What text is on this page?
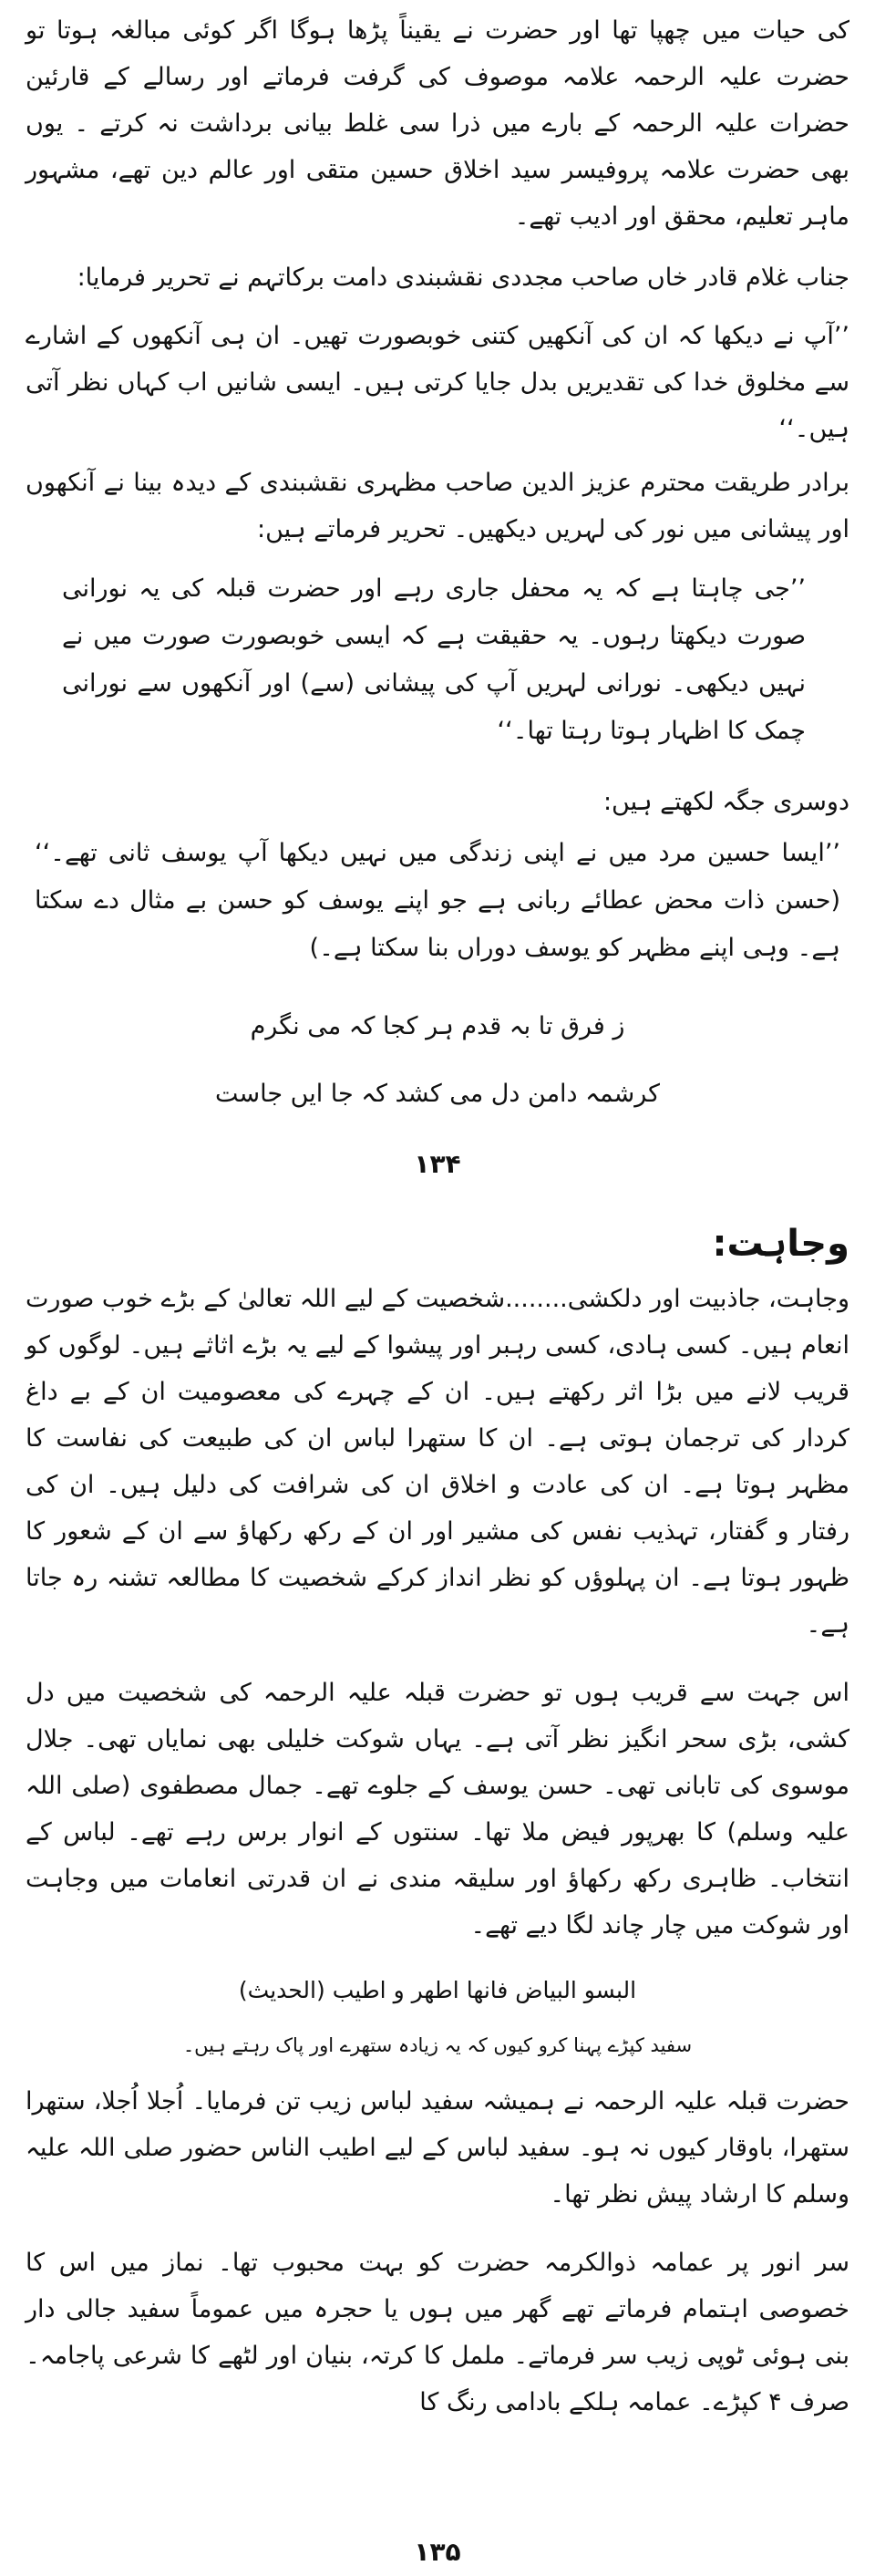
کی حیات میں چھپا تھا اور حضرت نے یقیناً پڑھا ہوگا اگر کوئی مبالغہ ہوتا تو حضرت علیہ الرحمہ علامہ موصوف کی گرفت فرماتے اور رسالے کے قارئین حضرات علیہ الرحمہ کے بارے میں ذرا سی غلط بیانی برداشت نہ کرتے ۔ یوں بھی حضرت علامہ پروفیسر سید اخلاق حسین متقی اور عالم دین تھے، مشہور ماہر تعلیم، محقق اور ادیب تھے۔

جناب غلام قادر خاں صاحب مجددی نقشبندی دامت برکاتہم نے تحریر فرمایا:

’’آپ نے دیکھا کہ ان کی آنکھیں کتنی خوبصورت تھیں۔ ان ہی آنکھوں کے اشارے سے مخلوق خدا کی تقدیریں بدل جایا کرتی ہیں۔ ایسی شانیں اب کہاں نظر آتی ہیں۔‘‘

برادر طریقت محترم عزیز الدین صاحب مظہری نقشبندی کے دیدہ بینا نے آنکھوں اور پیشانی میں نور کی لہریں دیکھیں۔ تحریر فرماتے ہیں:

’’جی چاہتا ہے کہ یہ محفل جاری رہے اور حضرت قبلہ کی یہ نورانی صورت دیکھتا رہوں۔ یہ حقیقت ہے کہ ایسی خوبصورت صورت میں نے نہیں دیکھی۔ نورانی لہریں آپ کی پیشانی (سے) اور آنکھوں سے نورانی چمک کا اظہار ہوتا رہتا تھا۔‘‘

دوسری جگہ لکھتے ہیں:

’’ایسا حسین مرد میں نے اپنی زندگی میں نہیں دیکھا آپ یوسف ثانی تھے۔‘‘ (حسن ذات محض عطائے ربانی ہے جو اپنے یوسف کو حسن بے مثال دے سکتا ہے۔ وہی اپنے مظہر کو یوسف دوراں بنا سکتا ہے۔)

ز فرق تا بہ قدم ہر کجا کہ می نگرم

کرشمہ دامن دل می کشد کہ جا ایں جاست

۱۳۴

وجاہت:

وجاہت، جاذبیت اور دلکشی........شخصیت کے لیے اللہ تعالیٰ کے بڑے خوب صورت انعام ہیں۔ کسی ہادی، کسی رہبر اور پیشوا کے لیے یہ بڑے اثاثے ہیں۔ لوگوں کو قریب لانے میں بڑا اثر رکھتے ہیں۔ ان کے چہرے کی معصومیت ان کے بے داغ کردار کی ترجمان ہوتی ہے۔ ان کا ستھرا لباس ان کی طبیعت کی نفاست کا مظہر ہوتا ہے۔ ان کی عادت و اخلاق ان کی شرافت کی دلیل ہیں۔ ان کی رفتار و گفتار، تہذیب نفس کی مشیر اور ان کے رکھ رکھاؤ سے ان کے شعور کا ظہور ہوتا ہے۔ ان پہلوؤں کو نظر انداز کرکے شخصیت کا مطالعہ تشنہ رہ جاتا ہے۔

اس جہت سے قریب ہوں تو حضرت قبلہ علیہ الرحمہ کی شخصیت میں دل کشی، بڑی سحر انگیز نظر آتی ہے۔ یہاں شوکت خلیلی بھی نمایاں تھی۔ جلال موسوی کی تابانی تھی۔ حسن یوسف کے جلوے تھے۔ جمال مصطفوی (صلی اللہ علیہ وسلم) کا بھرپور فیض ملا تھا۔ سنتوں کے انوار برس رہے تھے۔ لباس کے انتخاب۔ ظاہری رکھ رکھاؤ اور سلیقہ مندی نے ان قدرتی انعامات میں وجاہت اور شوکت میں چار چاند لگا دیے تھے۔

البسو البیاض فانھا اطھر و اطیب (الحدیث)

سفید کپڑے پہنا کرو کیوں کہ یہ زیادہ ستھرے اور پاک رہتے ہیں۔

حضرت قبلہ علیہ الرحمہ نے ہمیشہ سفید لباس زیب تن فرمایا۔ اُجلا اُجلا، ستھرا ستھرا، باوقار کیوں نہ ہو۔ سفید لباس کے لیے اطیب الناس حضور صلی اللہ علیہ وسلم کا ارشاد پیش نظر تھا۔

سر انور پر عمامہ ذوالکرمہ حضرت کو بہت محبوب تھا۔ نماز میں اس کا خصوصی اہتمام فرماتے تھے گھر میں ہوں یا حجرہ میں عموماً سفید جالی دار بنی ہوئی ٹوپی زیب سر فرماتے۔ ململ کا کرتہ، بنیان اور لٹھے کا شرعی پاجامہ۔ صرف ۴ کپڑے۔ عمامہ ہلکے بادامی رنگ کا

۱۳۵
